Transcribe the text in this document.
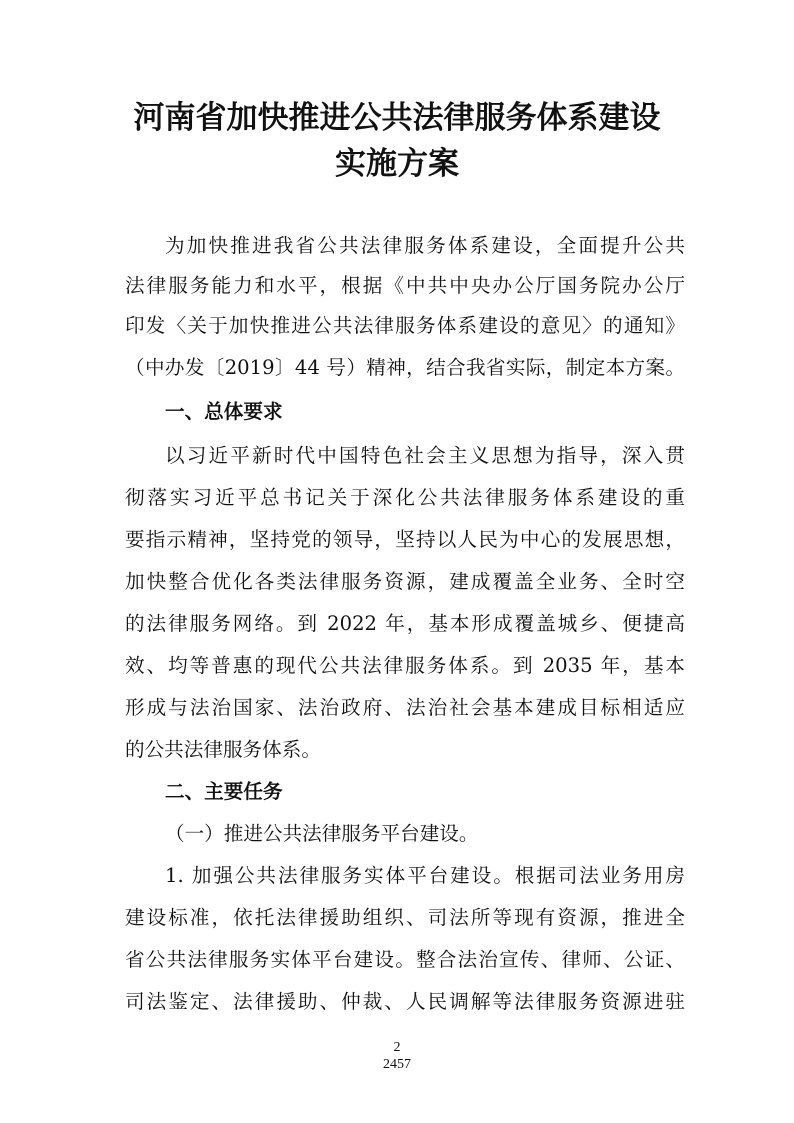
河南省加快推进公共法律服务体系建设
实施方案
为加快推进我省公共法律服务体系建设，全面提升公共
法律服务能力和水平，根据《中共中央办公厅国务院办公厅
印发〈关于加快推进公共法律服务体系建设的意见〉的通知》
（中办发〔2019〕44 号）精神，结合我省实际，制定本方案。
一、总体要求
以习近平新时代中国特色社会主义思想为指导，深入贯
彻落实习近平总书记关于深化公共法律服务体系建设的重
要指示精神，坚持党的领导，坚持以人民为中心的发展思想，
加快整合优化各类法律服务资源，建成覆盖全业务、全时空
的法律服务网络。到 2022 年，基本形成覆盖城乡、便捷高
效、均等普惠的现代公共法律服务体系。到 2035 年，基本
形成与法治国家、法治政府、法治社会基本建成目标相适应
的公共法律服务体系。
二、主要任务
（一）推进公共法律服务平台建设。
1. 加强公共法律服务实体平台建设。根据司法业务用房
建设标准，依托法律援助组织、司法所等现有资源，推进全
省公共法律服务实体平台建设。整合法治宣传、律师、公证、
司法鉴定、法律援助、仲裁、人民调解等法律服务资源进驻
2
2457
